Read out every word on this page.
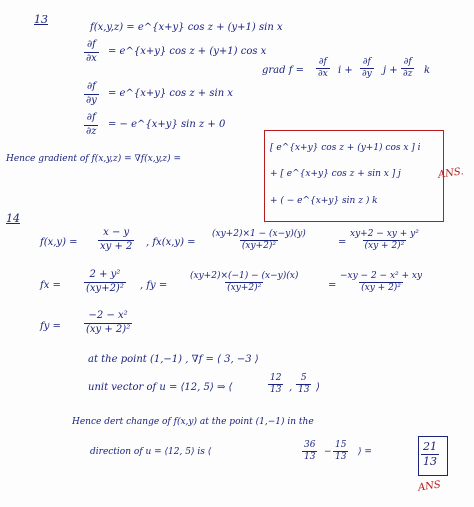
13
f(x,y,z) = e^{x+y} cos z + (y+1) sin x
$\frac{\partial f}{\partial x}$ = e^{x+y} cos z + (y+1) cos x
$\frac{\partial f}{\partial y}$ = e^{x+y} cos z + sin x
$\frac{\partial f}{\partial z}$ = − e^{x+y} sin z + 0
grad $f = \frac{\partial f}{\partial x}$ $i + \frac{\partial f}{\partial y}$ $j + \frac{\partial f}{\partial z}$ k
Hence gradient of f(x,y,z) = ∇f(x,y,z) =
[ e^{x+y} cos z + (y+1) cos x ] i
+ [ e^{x+y} cos z + sin x ] j
+ ( − e^{x+y} sin z ) k
ANS.
14
$f(x,y) = \frac{x - y}{xy + 2}$ , $fx(x,y) = \frac{(xy+2)\times 1 - (x-y)(y)}{\text{(xy+2)²}}$	= $\frac{\text{xy+2 − xy + y²}}{\text{(xy + 2)²}}$
fx = $\frac{\text{2 + y²}}{\text{(xy+2)²}}$ , fy = $\frac{(xy+2)\times(-1) - (x-y)(x)}{\text{(xy+2)²}}$	= $\frac{\text{−xy − 2 − x² + xy}}{\text{(xy + 2)²}}$
fy = $\frac{\text{−2 − x²}}{\text{(xy + 2)²}}$
at the point (1,−1) , ∇f = ⟨ 3, −3 ⟩
unit vector of u = ⟨12, 5⟩ ⇒ ⟨	$\frac{12}{13}$ , $\frac{5}{13}$ ⟩
Hence dert change of f(x,y) at the point (1,−1) in the
direction of u = ⟨12, 5⟩ is ⟨	$\frac{36}{13} - \frac{15}{13}$ ⟩ =	$\frac{21}{13}$
ANS
